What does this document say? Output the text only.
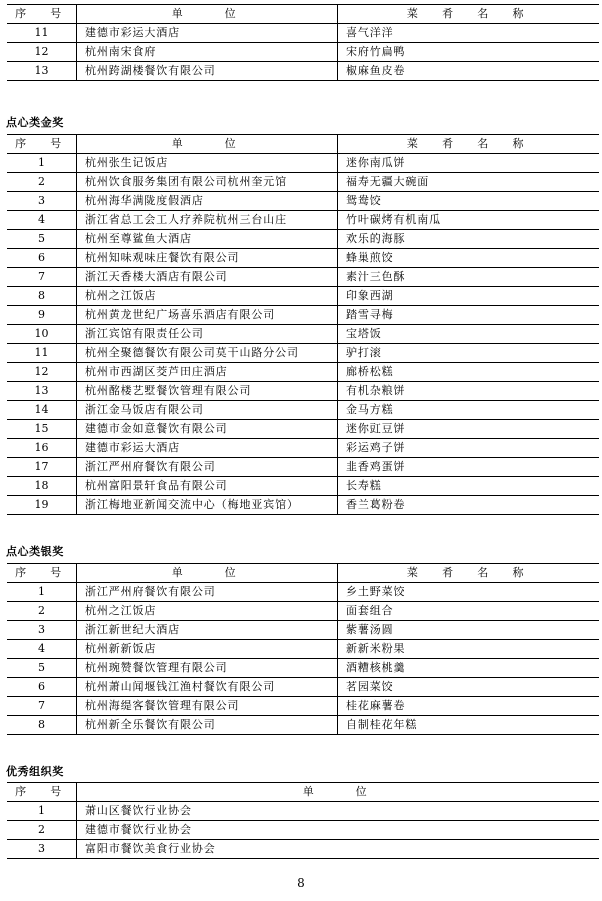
序　号	单　　位	菜　肴　名　称
11	建德市彩运大酒店	喜气洋洋
12	杭州南宋食府	宋府竹扁鸭
13	杭州跨湖楼餐饮有限公司	椒麻鱼皮卷
点心类金奖
序　号	单　　位	菜　肴　名　称
1	杭州张生记饭店	迷你南瓜饼
2	杭州饮食服务集团有限公司杭州奎元馆	福寿无疆大碗面
3	杭州海华满陇度假酒店	鸳鸯饺
4	浙江省总工会工人疗养院杭州三台山庄	竹叶碳烤有机南瓜
5	杭州至尊鲨鱼大酒店	欢乐的海豚
6	杭州知味观味庄餐饮有限公司	蜂巢煎饺
7	浙江天香楼大酒店有限公司	素汁三色酥
8	杭州之江饭店	印象西湖
9	杭州黄龙世纪广场喜乐酒店有限公司	踏雪寻梅
10	浙江宾馆有限责任公司	宝塔饭
11	杭州全聚德餐饮有限公司莫干山路分公司	驴打滚
12	杭州市西湖区茭芦田庄酒店	廊桥松糕
13	杭州酩楼艺墅餐饮管理有限公司	有机杂粮饼
14	浙江金马饭店有限公司	金马方糕
15	建德市金如意餐饮有限公司	迷你豇豆饼
16	建德市彩运大酒店	彩运鸡子饼
17	浙江严州府餐饮有限公司	韭香鸡蛋饼
18	杭州富阳景轩食品有限公司	长寿糕
19	浙江梅地亚新闻交流中心（梅地亚宾馆）	香兰葛粉卷
点心类银奖
序　号	单　　位	菜　肴　名　称
1	浙江严州府餐饮有限公司	乡土野菜饺
2	杭州之江饭店	面套组合
3	浙江新世纪大酒店	紫薯汤圆
4	杭州新新饭店	新新米粉果
5	杭州琬赞餐饮管理有限公司	酒糟核桃羹
6	杭州萧山闻堰钱江渔村餐饮有限公司	茗园菜饺
7	杭州海缇客餐饮管理有限公司	桂花麻薯卷
8	杭州新全乐餐饮有限公司	自制桂花年糕
优秀组织奖
序　号	单　　位
1	萧山区餐饮行业协会
2	建德市餐饮行业协会
3	富阳市餐饮美食行业协会
8
